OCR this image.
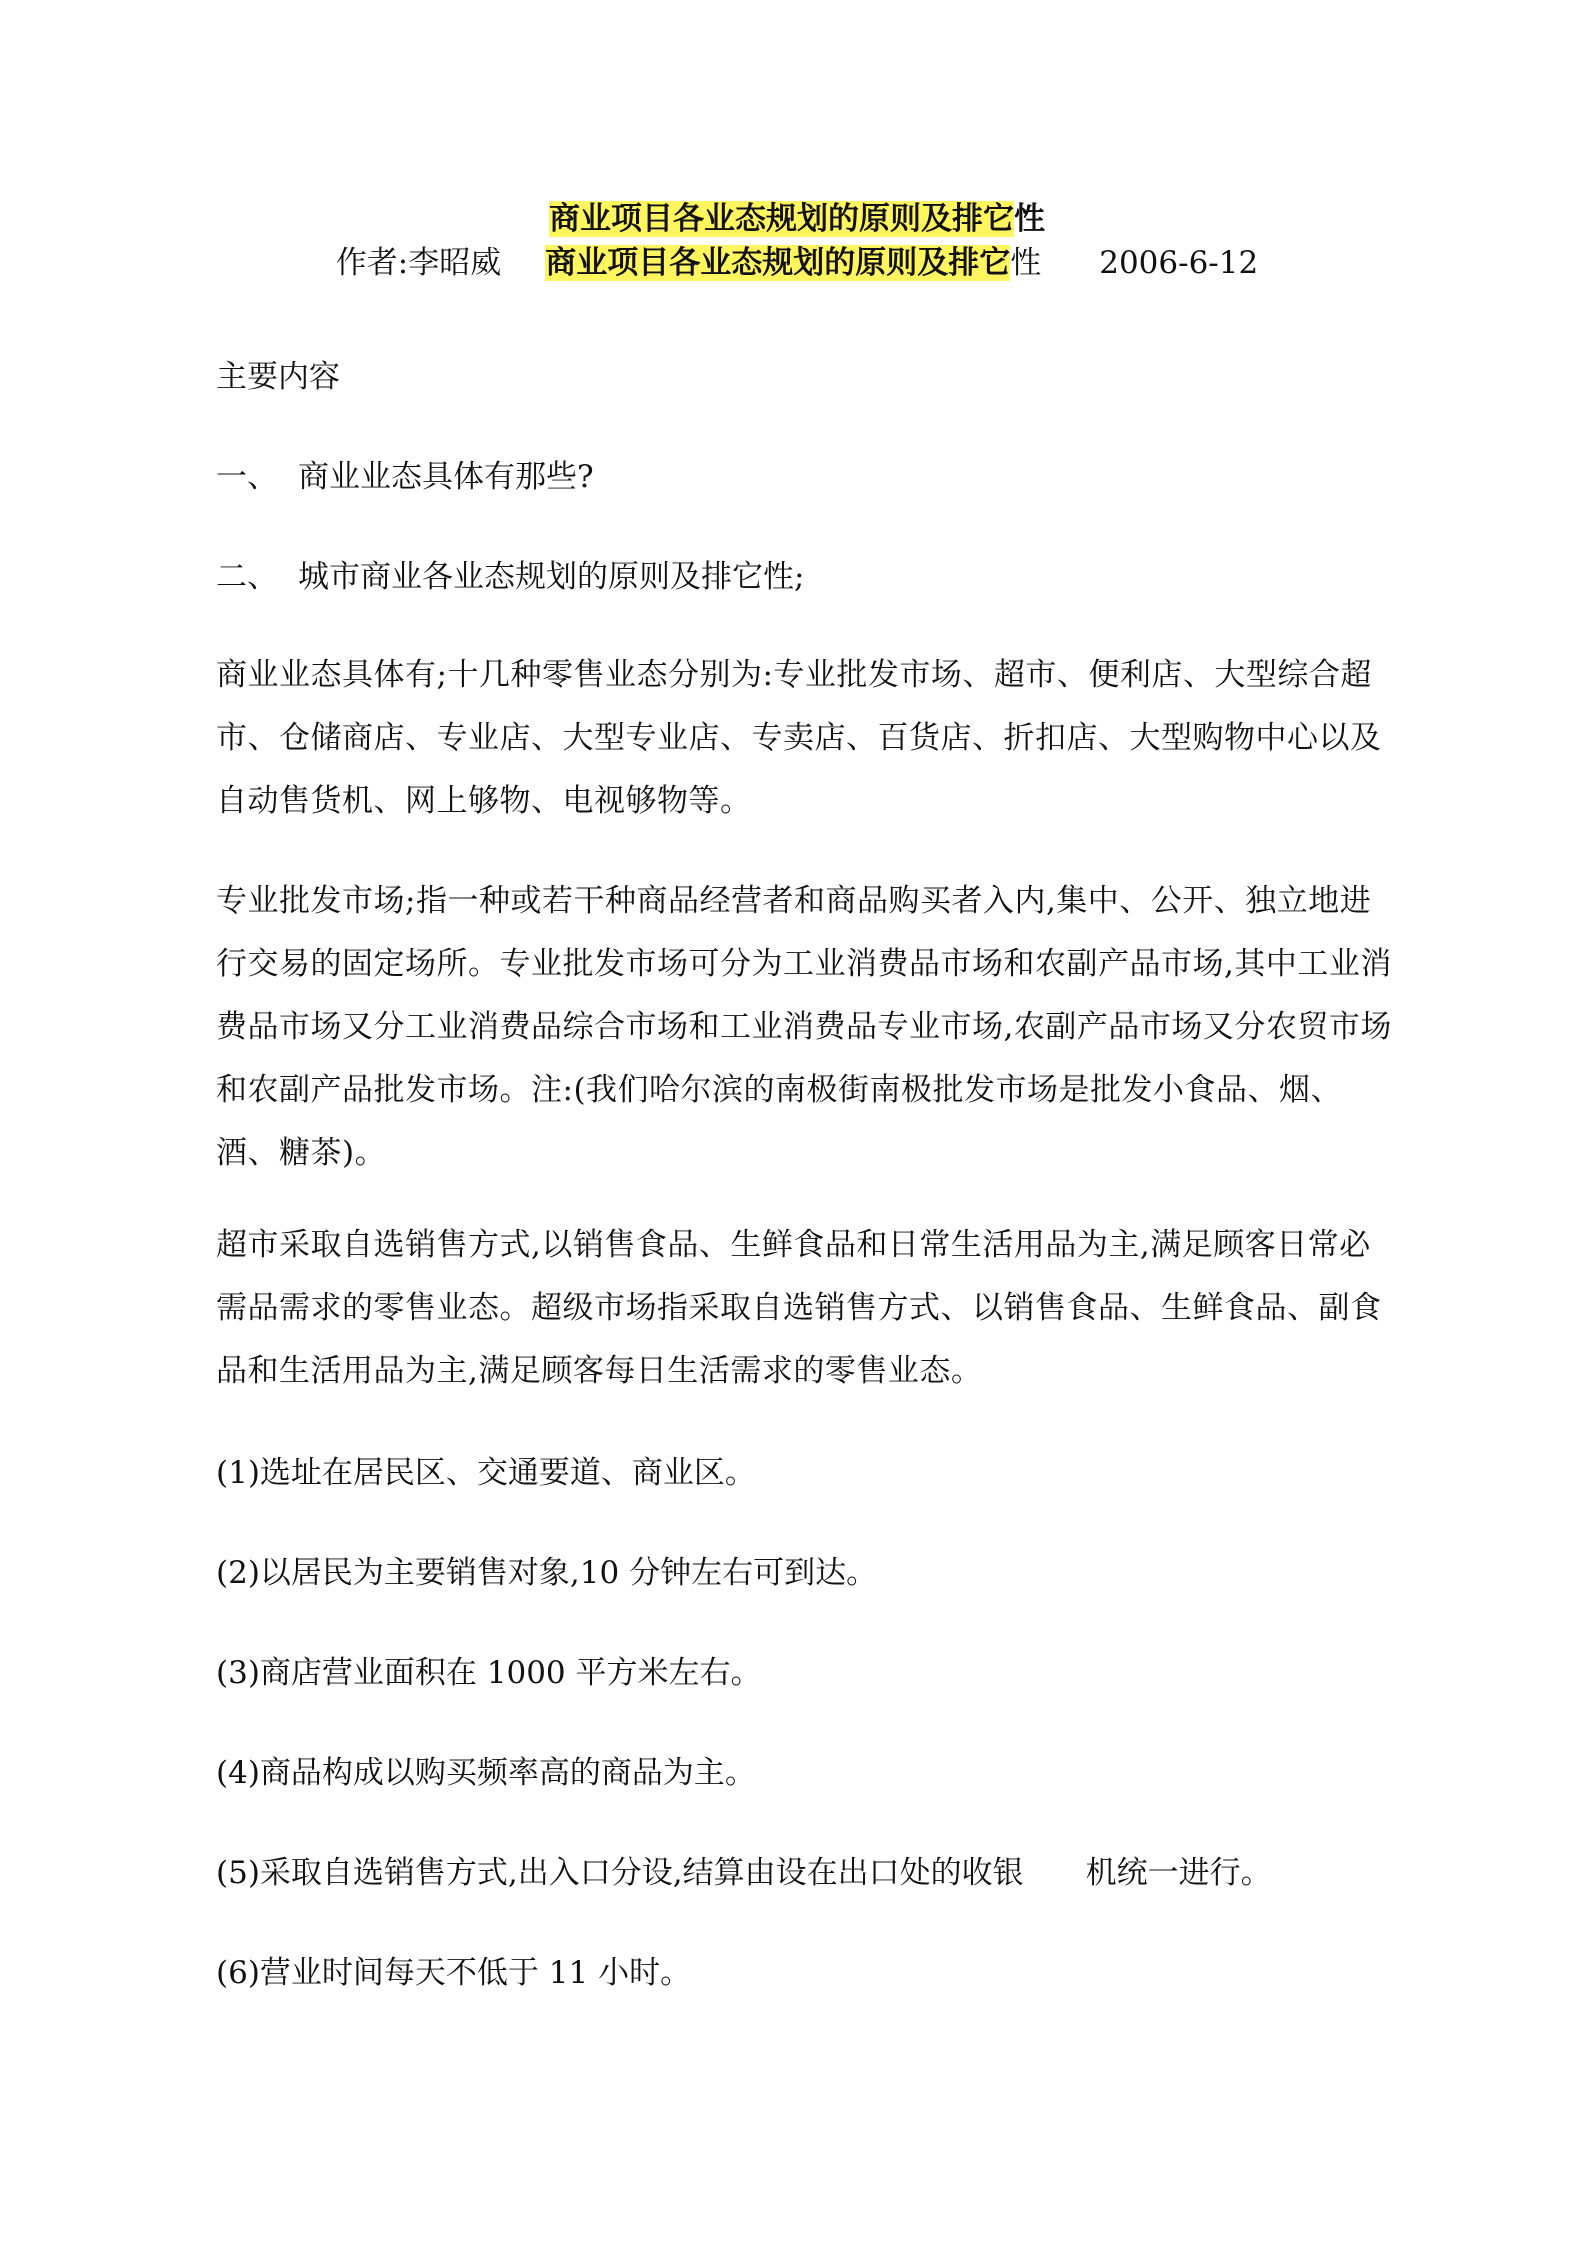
商业项目各业态规划的原则及排它性
作者:李昭威 商业项目各业态规划的原则及排它性 2006-6-12
主要内容
一、 商业业态具体有那些?
二、 城市商业各业态规划的原则及排它性;
商业业态具体有;十几种零售业态分别为:专业批发市场、超市、便利店、大型综合超市、仓储商店、专业店、大型专业店、专卖店、百货店、折扣店、大型购物中心以及自动售货机、网上够物、电视够物等。
专业批发市场;指一种或若干种商品经营者和商品购买者入内,集中、公开、独立地进行交易的固定场所。专业批发市场可分为工业消费品市场和农副产品市场,其中工业消费品市场又分工业消费品综合市场和工业消费品专业市场,农副产品市场又分农贸市场和农副产品批发市场。注:(我们哈尔滨的南极街南极批发市场是批发小食品、烟、酒、糖茶)。
超市采取自选销售方式,以销售食品、生鲜食品和日常生活用品为主,满足顾客日常必需品需求的零售业态。超级市场指采取自选销售方式、以销售食品、生鲜食品、副食品和生活用品为主,满足顾客每日生活需求的零售业态。
(1)选址在居民区、交通要道、商业区。
(2)以居民为主要销售对象,10 分钟左右可到达。
(3)商店营业面积在 1000 平方米左右。
(4)商品构成以购买频率高的商品为主。
(5)采取自选销售方式,出入口分设,结算由设在出口处的收银 机统一进行。
(6)营业时间每天不低于 11 小时。
